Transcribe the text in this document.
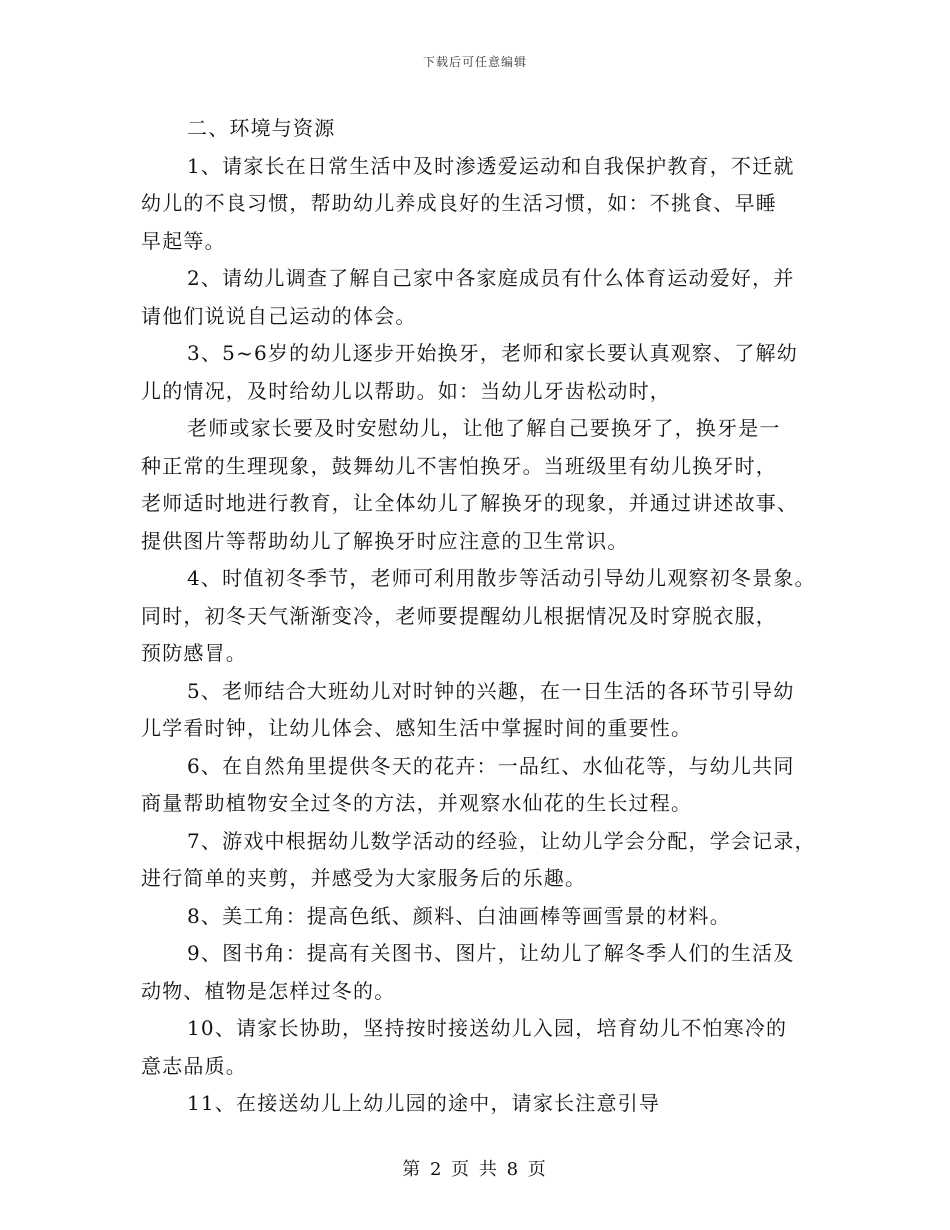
下载后可任意编辑
二、环境与资源
1、请家长在日常生活中及时渗透爱运动和自我保护教育，不迁就
幼儿的不良习惯，帮助幼儿养成良好的生活习惯，如：不挑食、早睡
早起等。
2、请幼儿调查了解自己家中各家庭成员有什么体育运动爱好，并
请他们说说自己运动的体会。
3、5~6岁的幼儿逐步开始换牙，老师和家长要认真观察、了解幼
儿的情况，及时给幼儿以帮助。如：当幼儿牙齿松动时，
老师或家长要及时安慰幼儿，让他了解自己要换牙了，换牙是一
种正常的生理现象，鼓舞幼儿不害怕换牙。当班级里有幼儿换牙时，
老师适时地进行教育，让全体幼儿了解换牙的现象，并通过讲述故事、
提供图片等帮助幼儿了解换牙时应注意的卫生常识。
4、时值初冬季节，老师可利用散步等活动引导幼儿观察初冬景象。
同时，初冬天气渐渐变冷，老师要提醒幼儿根据情况及时穿脱衣服，
预防感冒。
5、老师结合大班幼儿对时钟的兴趣，在一日生活的各环节引导幼
儿学看时钟，让幼儿体会、感知生活中掌握时间的重要性。
6、在自然角里提供冬天的花卉：一品红、水仙花等，与幼儿共同
商量帮助植物安全过冬的方法，并观察水仙花的生长过程。
7、游戏中根据幼儿数学活动的经验，让幼儿学会分配，学会记录，
进行简单的夹剪，并感受为大家服务后的乐趣。
8、美工角：提高色纸、颜料、白油画棒等画雪景的材料。
9、图书角：提高有关图书、图片，让幼儿了解冬季人们的生活及
动物、植物是怎样过冬的。
10、请家长协助，坚持按时接送幼儿入园，培育幼儿不怕寒冷的
意志品质。
11、在接送幼儿上幼儿园的途中，请家长注意引导
第 2 页 共 8 页
